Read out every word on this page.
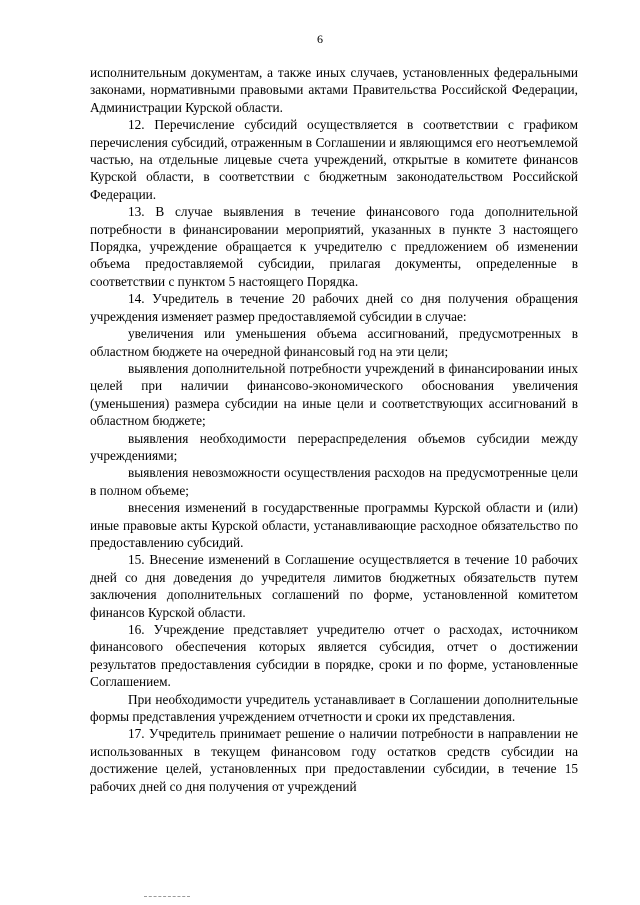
6

исполнительным документам, а также иных случаев, установленных федеральными законами, нормативными правовыми актами Правительства Российской Федерации, Администрации Курской области.

12. Перечисление субсидий осуществляется в соответствии с графиком перечисления субсидий, отраженным в Соглашении и являющимся его неотъемлемой частью, на отдельные лицевые счета учреждений, открытые в комитете финансов Курской области, в соответствии с бюджетным законодательством Российской Федерации.

13. В случае выявления в течение финансового года дополнительной потребности в финансировании мероприятий, указанных в пункте 3 настоящего Порядка, учреждение обращается к учредителю с предложением об изменении объема предоставляемой субсидии, прилагая документы, определенные в соответствии с пунктом 5 настоящего Порядка.

14. Учредитель в течение 20 рабочих дней со дня получения обращения учреждения изменяет размер предоставляемой субсидии в случае:

увеличения или уменьшения объема ассигнований, предусмотренных в областном бюджете на очередной финансовый год на эти цели;

выявления дополнительной потребности учреждений в финансировании иных целей при наличии финансово-экономического обоснования увеличения (уменьшения) размера субсидии на иные цели и соответствующих ассигнований в областном бюджете;

выявления необходимости перераспределения объемов субсидии между учреждениями;

выявления невозможности осуществления расходов на предусмотренные цели в полном объеме;

внесения изменений в государственные программы Курской области и (или) иные правовые акты Курской области, устанавливающие расходное обязательство по предоставлению субсидий.

15. Внесение изменений в Соглашение осуществляется в течение 10 рабочих дней со дня доведения до учредителя лимитов бюджетных обязательств путем заключения дополнительных соглашений по форме, установленной комитетом финансов Курской области.

16. Учреждение представляет учредителю отчет о расходах, источником финансового обеспечения которых является субсидия, отчет о достижении результатов предоставления субсидии в порядке, сроки и по форме, установленные Соглашением.

При необходимости учредитель устанавливает в Соглашении дополнительные формы представления учреждением отчетности и сроки их представления.

17. Учредитель принимает решение о наличии потребности в направлении не использованных в текущем финансовом году остатков средств субсидии на достижение целей, установленных при предоставлении субсидии, в течение 15 рабочих дней со дня получения от учреждений
